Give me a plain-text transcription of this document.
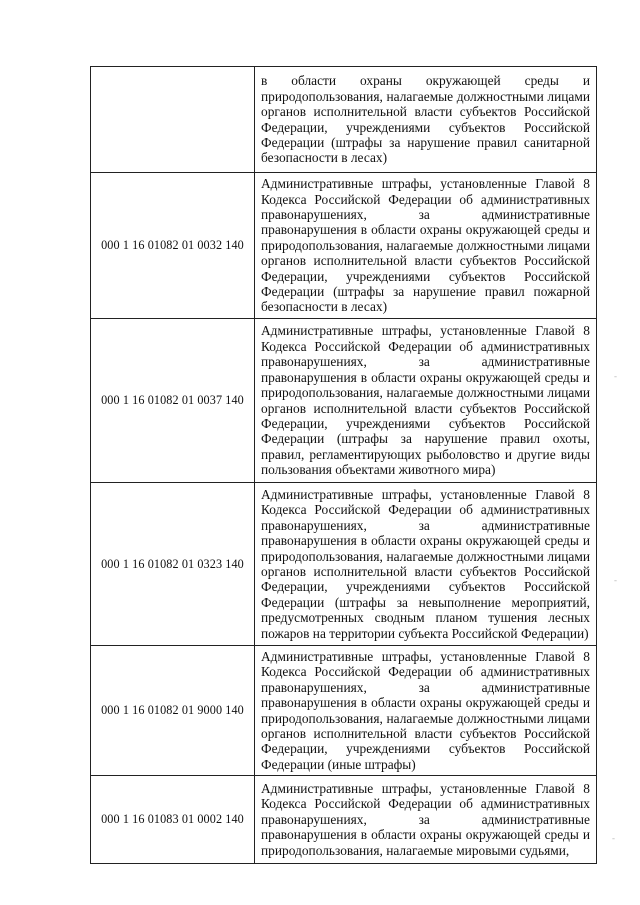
	в области охраны окружающей среды и природопользования, налагаемые должностными лицами органов исполнительной власти субъектов Российской Федерации, учреждениями субъектов Российской Федерации (штрафы за нарушение правил санитарной безопасности в лесах)

000 1 16 01082 01 0032 140	Административные штрафы, установленные Главой 8 Кодекса Российской Федерации об административных правонарушениях, за административные правонарушения в области охраны окружающей среды и природопользования, налагаемые должностными лицами органов исполнительной власти субъектов Российской Федерации, учреждениями субъектов Российской Федерации (штрафы за нарушение правил пожарной безопасности в лесах)

000 1 16 01082 01 0037 140	Административные штрафы, установленные Главой 8 Кодекса Российской Федерации об административных правонарушениях, за административные правонарушения в области охраны окружающей среды и природопользования, налагаемые должностными лицами органов исполнительной власти субъектов Российской Федерации, учреждениями субъектов Российской Федерации (штрафы за нарушение правил охоты, правил, регламентирующих рыболовство и другие виды пользования объектами животного мира)

000 1 16 01082 01 0323 140	Административные штрафы, установленные Главой 8 Кодекса Российской Федерации об административных правонарушениях, за административные правонарушения в области охраны окружающей среды и природопользования, налагаемые должностными лицами органов исполнительной власти субъектов Российской Федерации, учреждениями субъектов Российской Федерации (штрафы за невыполнение мероприятий, предусмотренных сводным планом тушения лесных пожаров на территории субъекта Российской Федерации)

000 1 16 01082 01 9000 140	Административные штрафы, установленные Главой 8 Кодекса Российской Федерации об административных правонарушениях, за административные правонарушения в области охраны окружающей среды и природопользования, налагаемые должностными лицами органов исполнительной власти субъектов Российской Федерации, учреждениями субъектов Российской Федерации (иные штрафы)

000 1 16 01083 01 0002 140	Административные штрафы, установленные Главой 8 Кодекса Российской Федерации об административных правонарушениях, за административные правонарушения в области охраны окружающей среды и природопользования, налагаемые мировыми судьями,
‑
‑
‑
